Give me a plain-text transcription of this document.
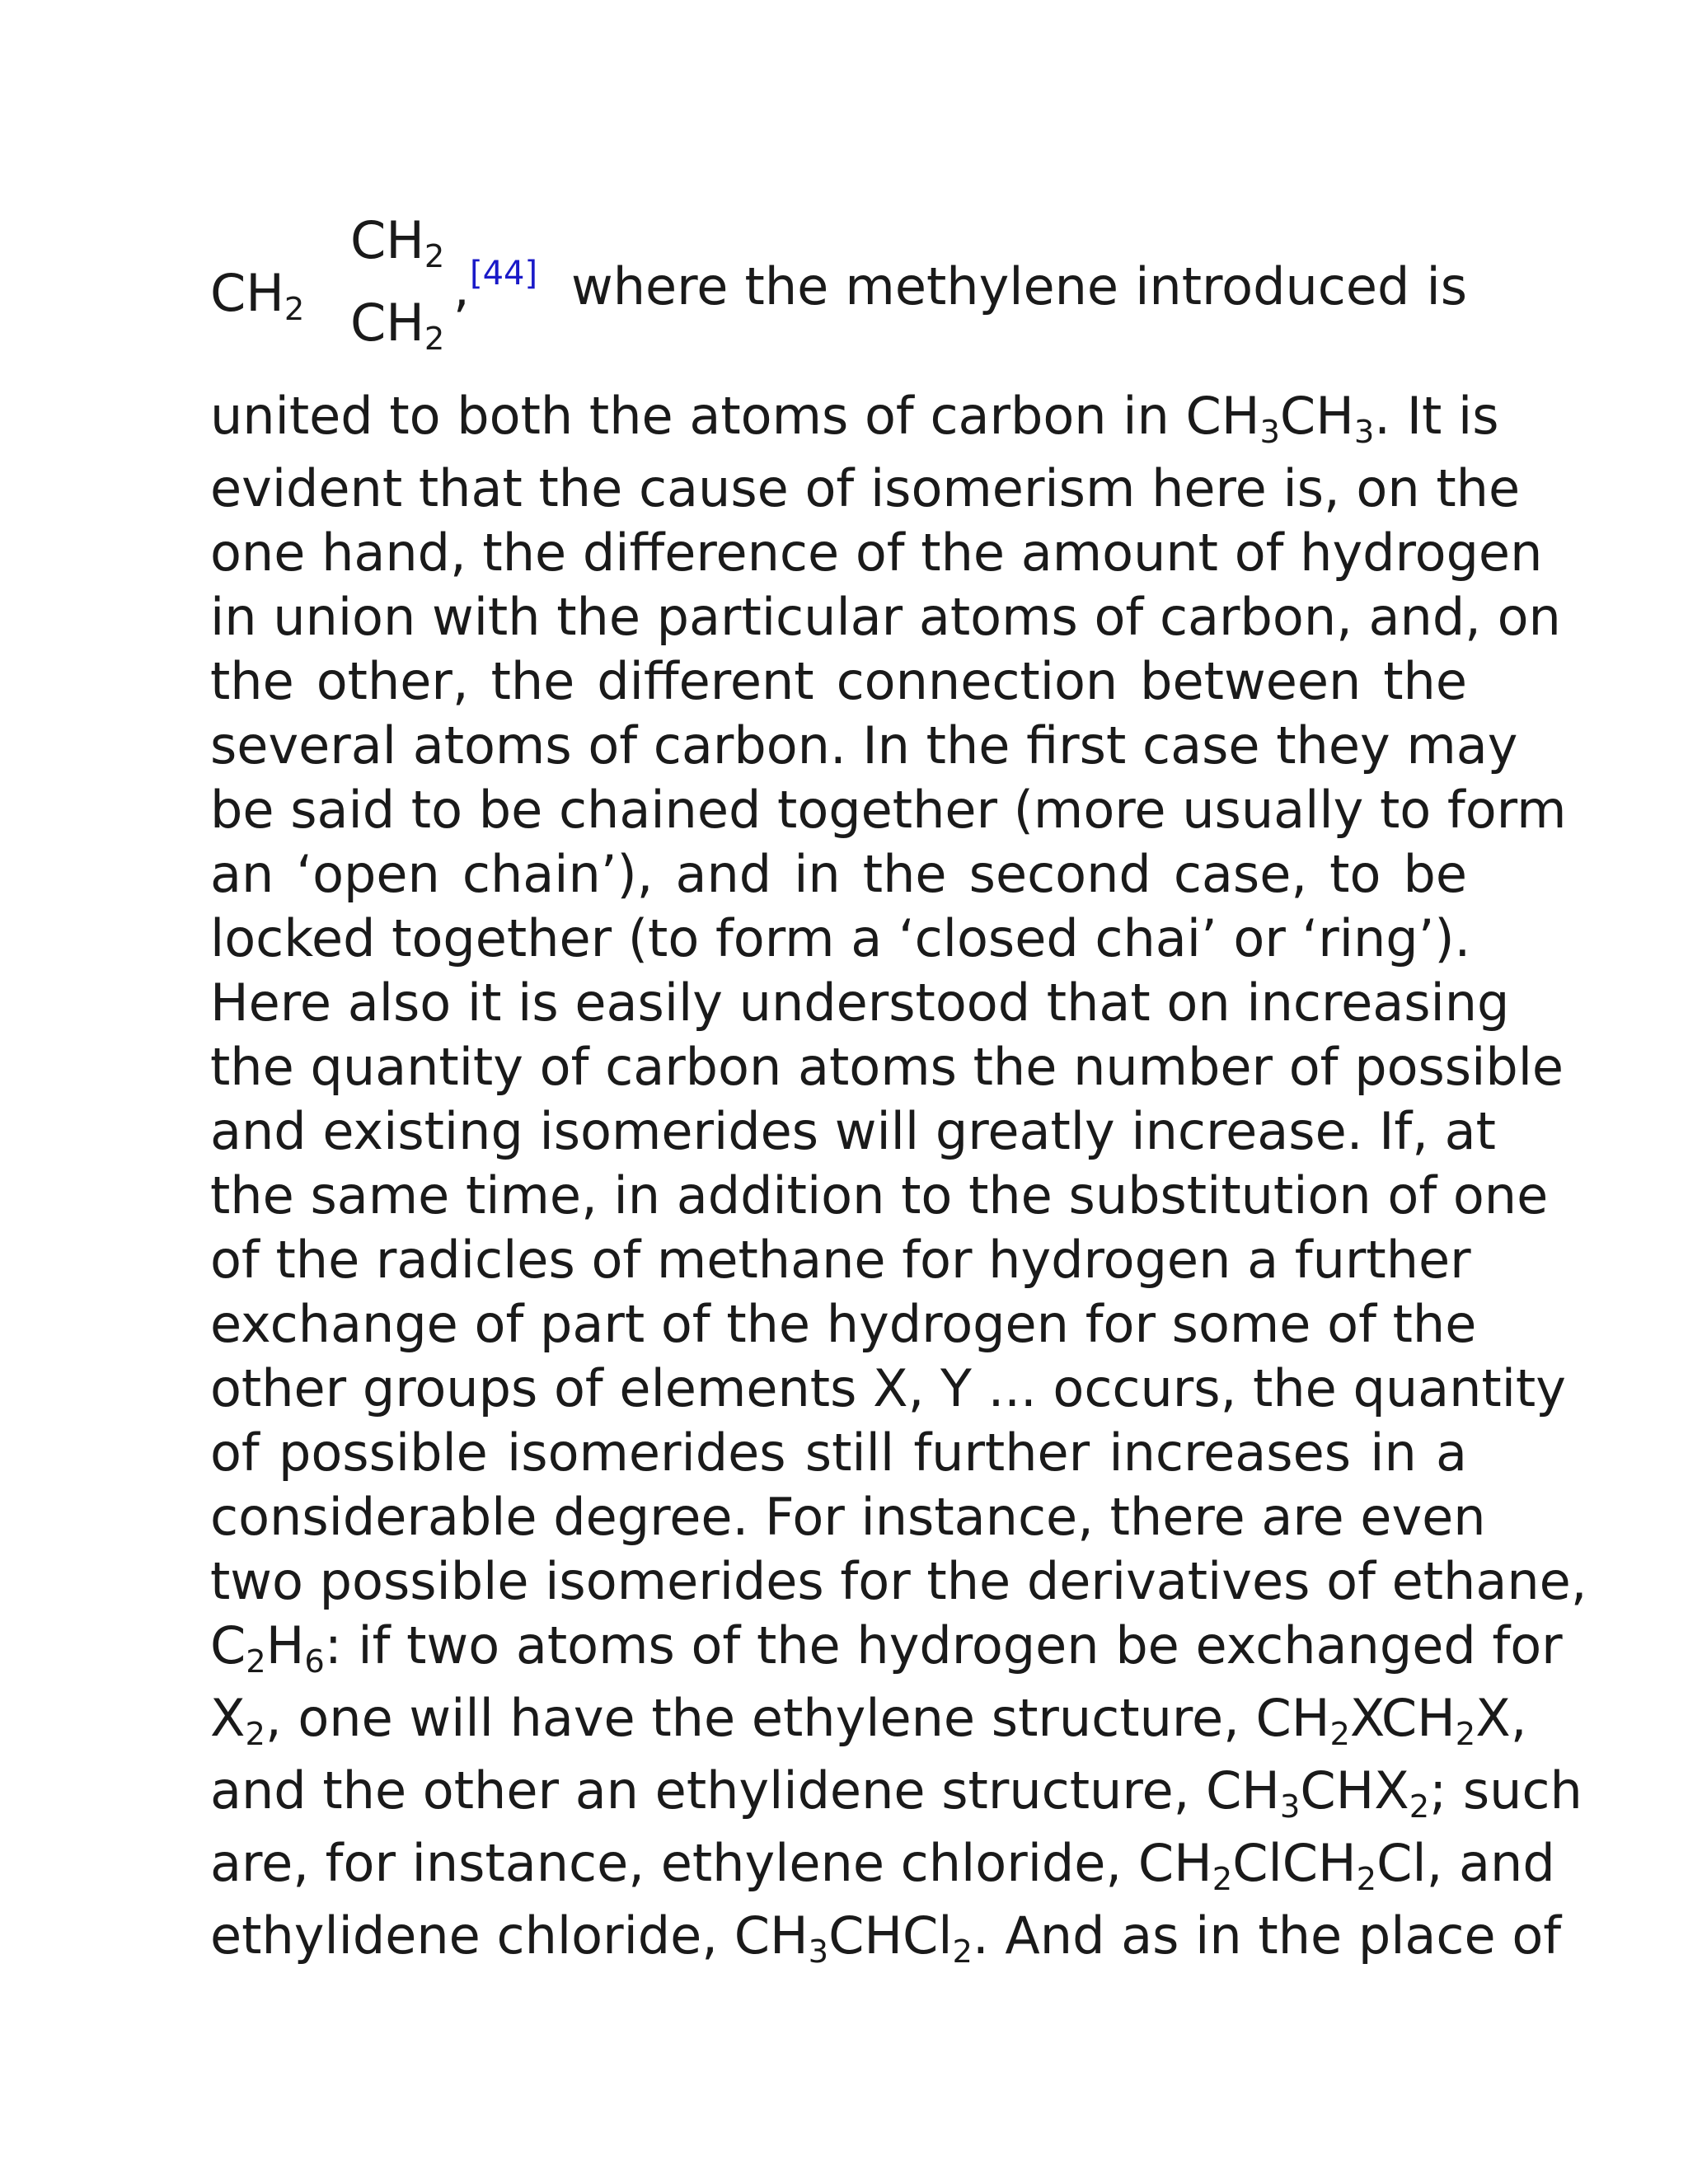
$CH_2$
$CH_2$
$CH_2$
, [44] where the methylene introduced is
united to both the atoms of carbon in $CH_3CH_3$. It is
evident that the cause of isomerism here is, on the
one hand, the difference of the amount of hydrogen
in union with the particular atoms of carbon, and, on
the other, the different connection between the
several atoms of carbon. In the first case they may
be said to be chained together (more usually to form
an ‘open chain’), and in the second case, to be
locked together (to form a ‘closed chai’ or ‘ring’).
Here also it is easily understood that on increasing
the quantity of carbon atoms the number of possible
and existing isomerides will greatly increase. If, at
the same time, in addition to the substitution of one
of the radicles of methane for hydrogen a further
exchange of part of the hydrogen for some of the
other groups of elements X, Y ... occurs, the quantity
of possible isomerides still further increases in a
considerable degree. For instance, there are even
two possible isomerides for the derivatives of ethane,
$C_2H_6$: if two atoms of the hydrogen be exchanged for
$X_2$, one will have the ethylene structure, $CH_2XCH_2X$,
and the other an ethylidene structure, $CH_3CHX_2$; such
are, for instance, ethylene chloride, $CH_2ClCH_2Cl$, and
ethylidene chloride, $CH_3CHCl_2$. And as in the place of
